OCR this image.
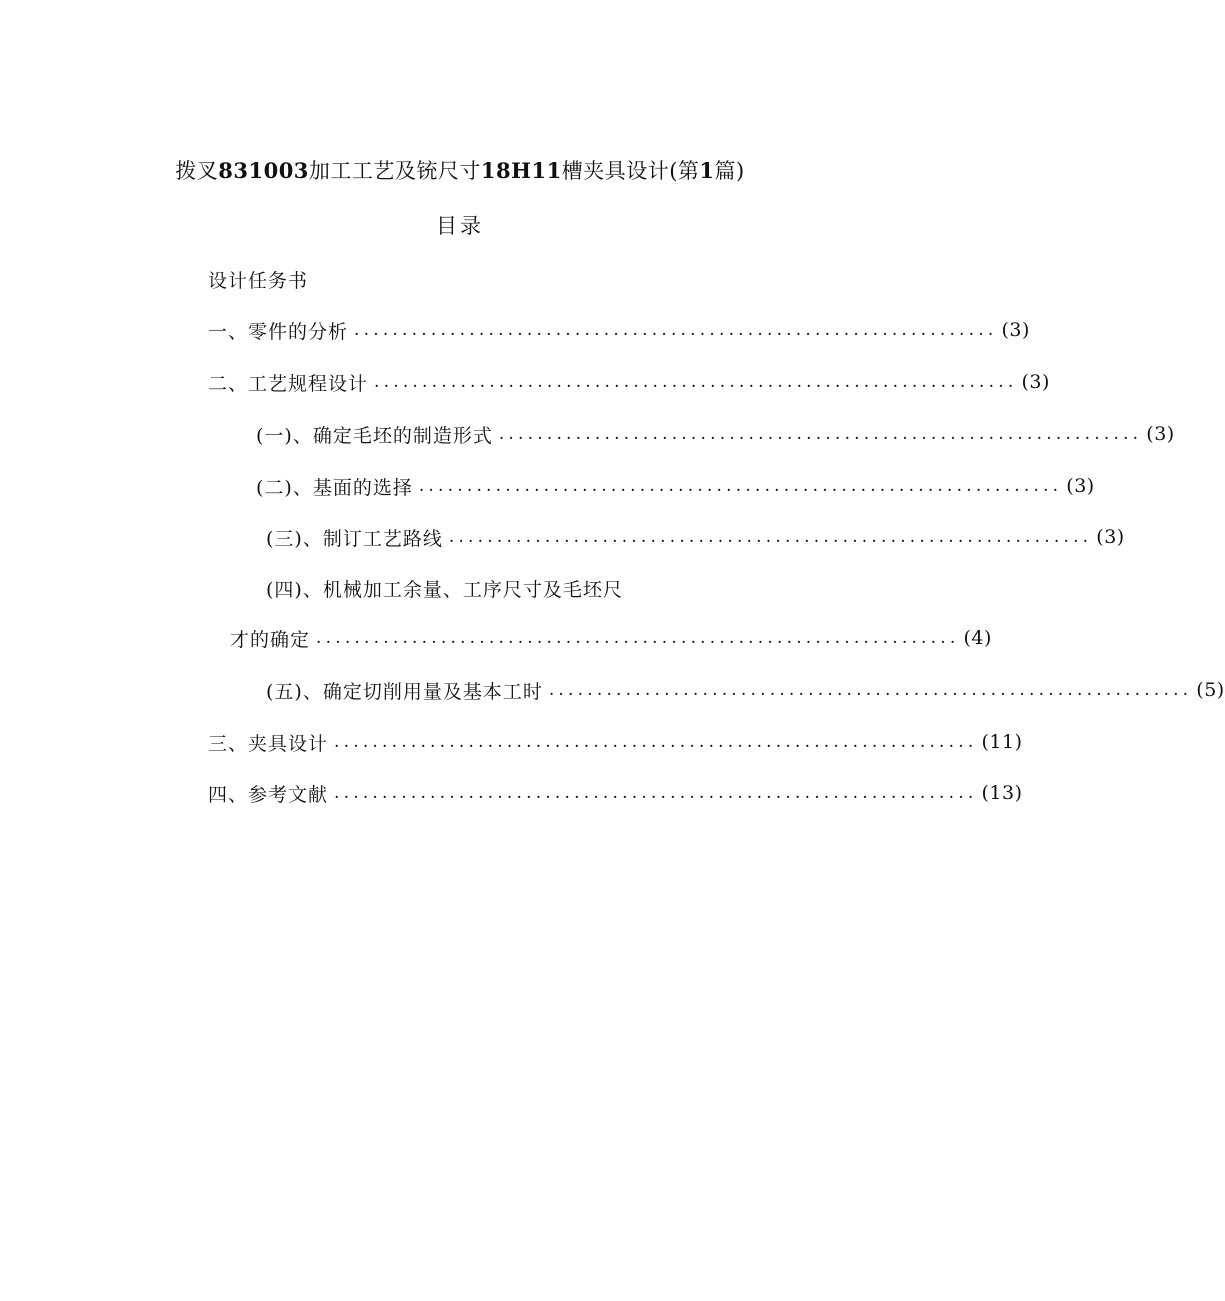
拨叉831003加工工艺及铳尺寸18H11槽夹具设计(第1篇)
目录
设计任务书
一、零件的分析 ................................................................... (3)
二、工艺规程设计 ................................................................... (3)
(一)、确定毛坯的制造形式 ................................................................... (3)
(二)、基面的选择 ................................................................... (3)
(三)、制订工艺路线 ................................................................... (3)
(四)、机械加工余量、工序尺寸及毛坯尺
才的确定 ................................................................... (4)
(五)、确定切削用量及基本工时 ................................................................... (5)
三、夹具设计 ................................................................... (11)
四、参考文献 ................................................................... (13)
